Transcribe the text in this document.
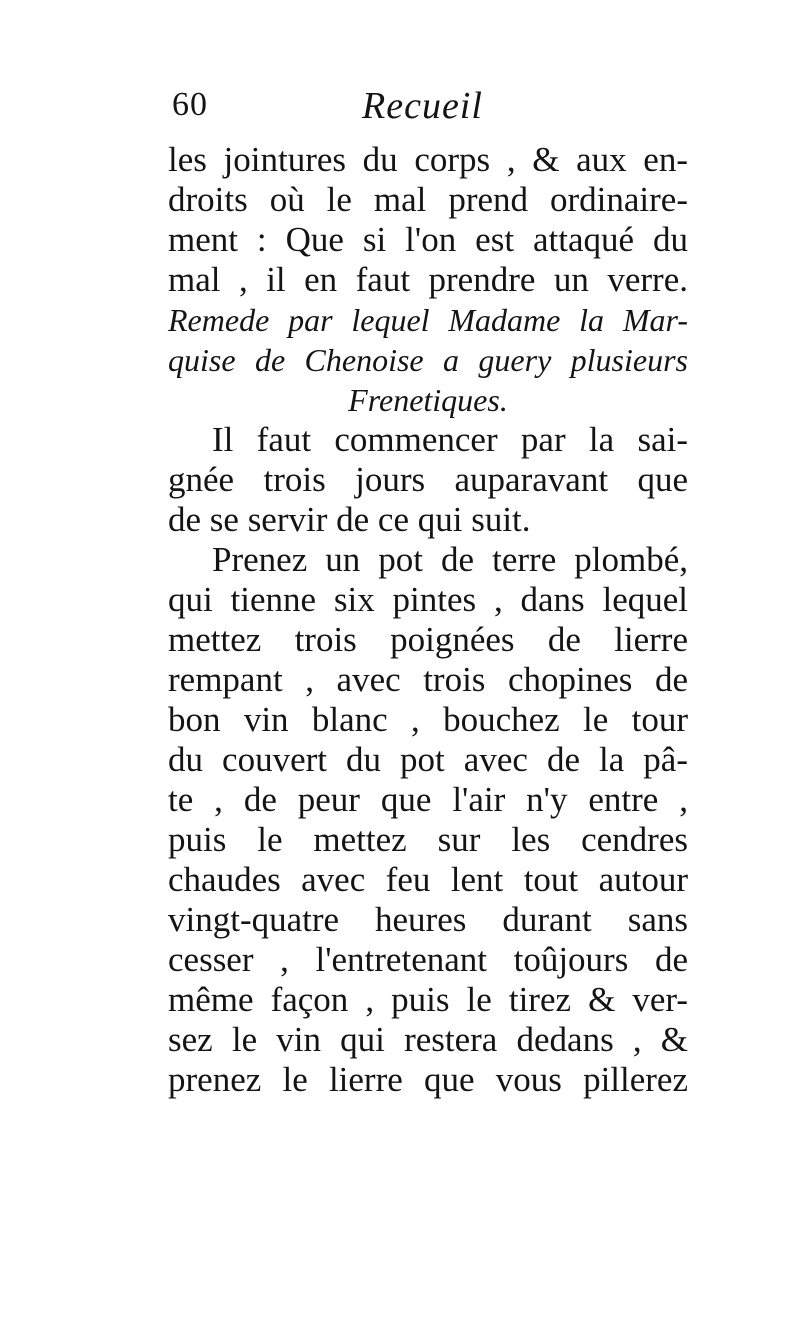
60	Recueil
les jointures du corps , & aux en-
droits où le mal prend ordinaire-
ment : Que si l'on est attaqué du
mal , il en faut prendre un verre.
Remede par lequel Madame la Mar-
quise de Chenoise a guery plusieurs
Frenetiques.
Il faut commencer par la sai-
gnée trois jours auparavant que
de se servir de ce qui suit.
Prenez un pot de terre plombé,
qui tienne six pintes , dans lequel
mettez trois poignées de lierre
rempant , avec trois chopines de
bon vin blanc , bouchez le tour
du couvert du pot avec de la pâ-
te , de peur que l'air n'y entre ,
puis le mettez sur les cendres
chaudes avec feu lent tout autour
vingt-quatre heures durant sans
cesser , l'entretenant toûjours de
même façon , puis le tirez & ver-
sez le vin qui restera dedans , &
prenez le lierre que vous pillerez
